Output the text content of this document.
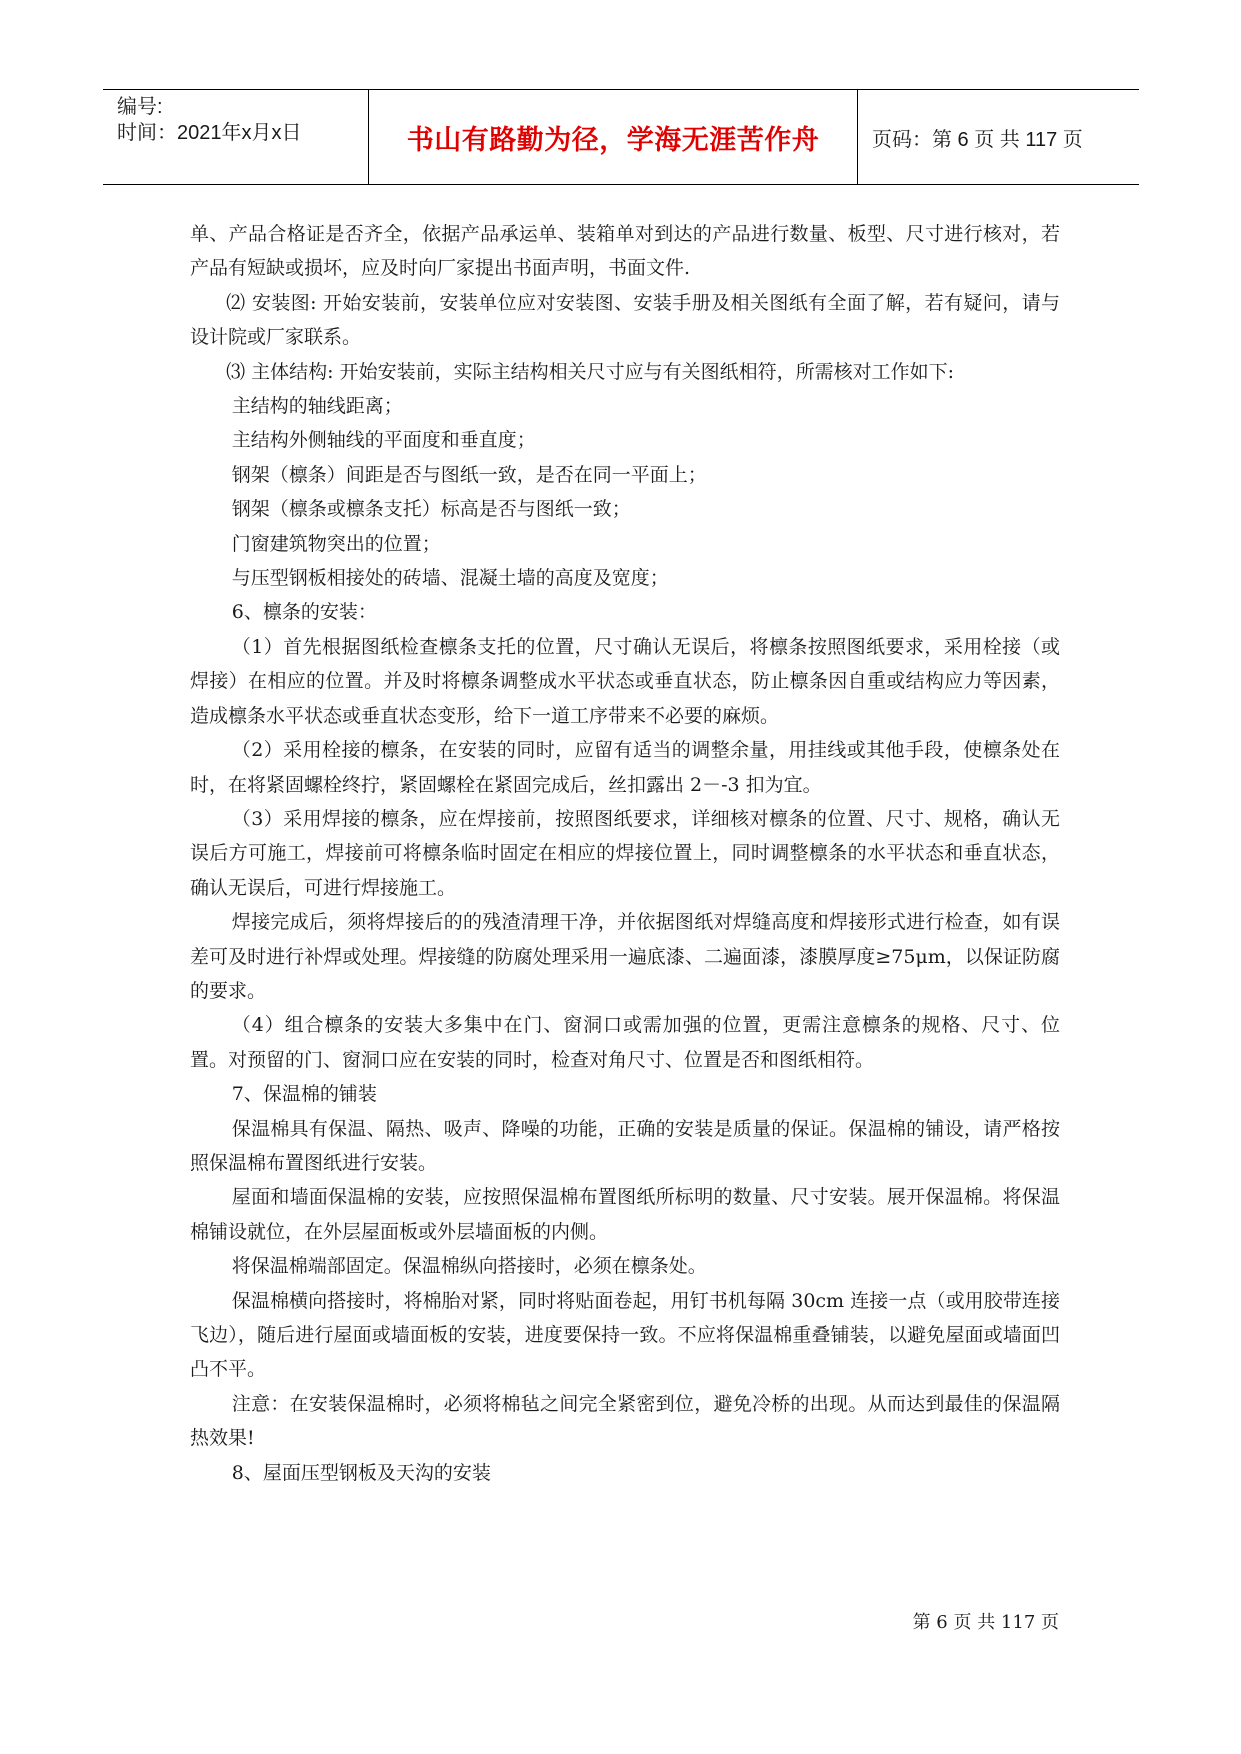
编号:
时间：2021年x月x日	书山有路勤为径，学海无涯苦作舟	页码：第 6 页 共 117 页

单、产品合格证是否齐全，依据产品承运单、装箱单对到达的产品进行数量、板型、尺寸进行核对，若产品有短缺或损坏，应及时向厂家提出书面声明，书面文件.

⑵ 安装图: 开始安装前，安装单位应对安装图、安装手册及相关图纸有全面了解，若有疑问，请与设计院或厂家联系。

⑶ 主体结构: 开始安装前，实际主结构相关尺寸应与有关图纸相符，所需核对工作如下:

主结构的轴线距离；

主结构外侧轴线的平面度和垂直度；

钢架（檩条）间距是否与图纸一致，是否在同一平面上；

钢架（檩条或檩条支托）标高是否与图纸一致；

门窗建筑物突出的位置；

与压型钢板相接处的砖墙、混凝土墙的高度及宽度；

6、檩条的安装：

（1）首先根据图纸检查檩条支托的位置，尺寸确认无误后，将檩条按照图纸要求，采用栓接（或焊接）在相应的位置。并及时将檩条调整成水平状态或垂直状态，防止檩条因自重或结构应力等因素，造成檩条水平状态或垂直状态变形，给下一道工序带来不必要的麻烦。

（2）采用栓接的檩条，在安装的同时，应留有适当的调整余量，用挂线或其他手段，使檩条处在时，在将紧固螺栓终拧，紧固螺栓在紧固完成后，丝扣露出 2－-3 扣为宜。

（3）采用焊接的檩条，应在焊接前，按照图纸要求，详细核对檩条的位置、尺寸、规格，确认无误后方可施工，焊接前可将檩条临时固定在相应的焊接位置上，同时调整檩条的水平状态和垂直状态，确认无误后，可进行焊接施工。

焊接完成后，须将焊接后的的残渣清理干净，并依据图纸对焊缝高度和焊接形式进行检查，如有误差可及时进行补焊或处理。焊接缝的防腐处理采用一遍底漆、二遍面漆，漆膜厚度≥75μm，以保证防腐的要求。

（4）组合檩条的安装大多集中在门、窗洞口或需加强的位置，更需注意檩条的规格、尺寸、位置。对预留的门、窗洞口应在安装的同时，检查对角尺寸、位置是否和图纸相符。

7、保温棉的铺装

保温棉具有保温、隔热、吸声、降噪的功能，正确的安装是质量的保证。保温棉的铺设，请严格按照保温棉布置图纸进行安装。

屋面和墙面保温棉的安装，应按照保温棉布置图纸所标明的数量、尺寸安装。展开保温棉。将保温棉铺设就位，在外层屋面板或外层墙面板的内侧。

将保温棉端部固定。保温棉纵向搭接时，必须在檩条处。

保温棉横向搭接时，将棉胎对紧，同时将贴面卷起，用钉书机每隔 30cm 连接一点（或用胶带连接飞边），随后进行屋面或墙面板的安装，进度要保持一致。不应将保温棉重叠铺装，以避免屋面或墙面凹凸不平。

注意：在安装保温棉时，必须将棉毡之间完全紧密到位，避免冷桥的出现。从而达到最佳的保温隔热效果!

8、屋面压型钢板及天沟的安装

第 6 页 共 117 页
